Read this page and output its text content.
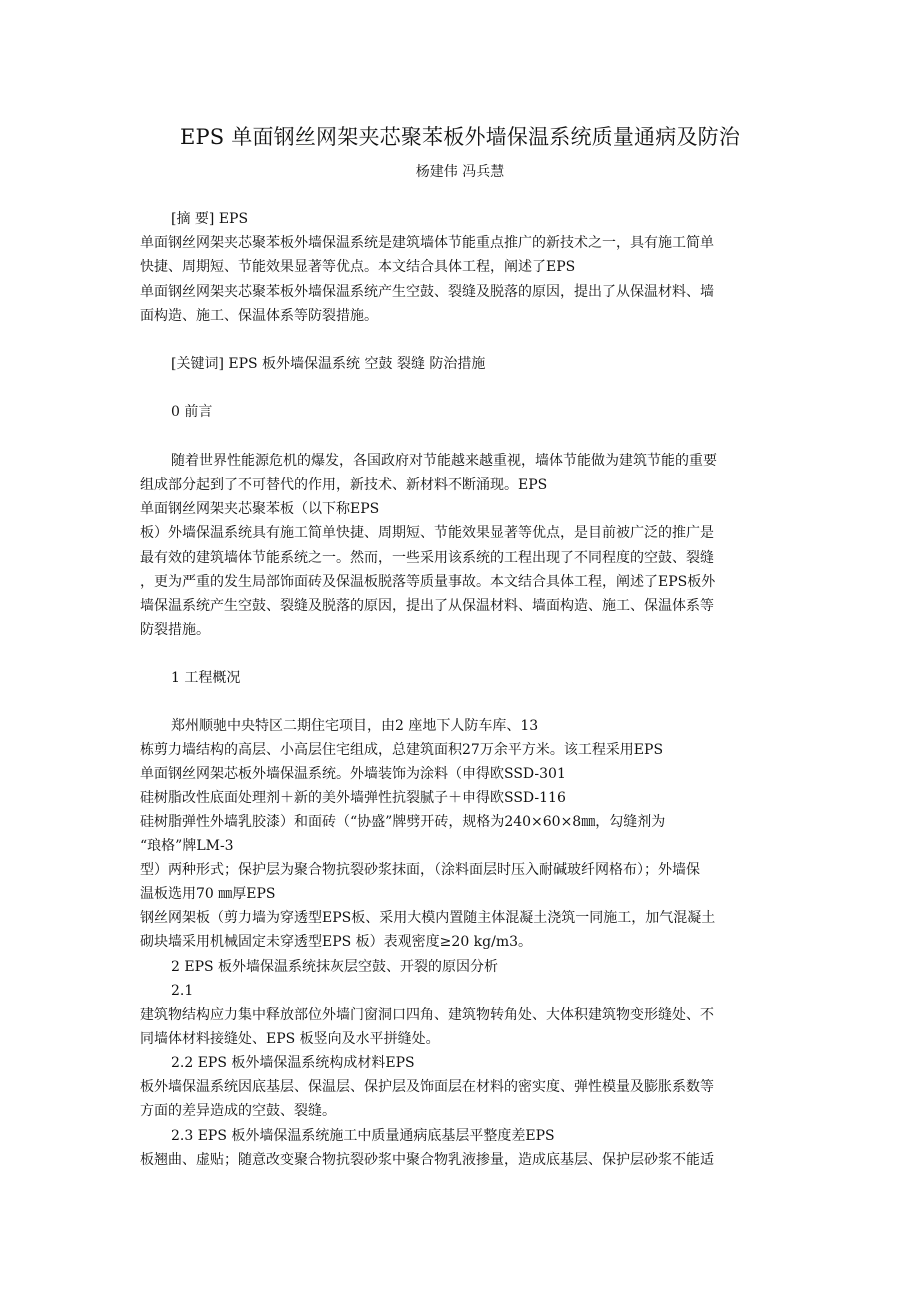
EPS 单面钢丝网架夹芯聚苯板外墙保温系统质量通病及防治
杨建伟 冯兵慧
[摘 要] EPS
单面钢丝网架夹芯聚苯板外墙保温系统是建筑墙体节能重点推广的新技术之一，具有施工简单
快捷、周期短、节能效果显著等优点。本文结合具体工程，阐述了EPS
单面钢丝网架夹芯聚苯板外墙保温系统产生空鼓、裂缝及脱落的原因，提出了从保温材料、墙
面构造、施工、保温体系等防裂措施。
[关键词] EPS 板外墙保温系统 空鼓 裂缝 防治措施
0 前言
随着世界性能源危机的爆发，各国政府对节能越来越重视，墙体节能做为建筑节能的重要
组成部分起到了不可替代的作用，新技术、新材料不断涌现。EPS
单面钢丝网架夹芯聚苯板（以下称EPS
板）外墙保温系统具有施工简单快捷、周期短、节能效果显著等优点，是目前被广泛的推广是
最有效的建筑墙体节能系统之一。然而，一些采用该系统的工程出现了不同程度的空鼓、裂缝
，更为严重的发生局部饰面砖及保温板脱落等质量事故。本文结合具体工程，阐述了EPS板外
墙保温系统产生空鼓、裂缝及脱落的原因，提出了从保温材料、墙面构造、施工、保温体系等
防裂措施。
1 工程概况
郑州顺驰中央特区二期住宅项目，由2 座地下人防车库、13
栋剪力墙结构的高层、小高层住宅组成，总建筑面积27万余平方米。该工程采用EPS
单面钢丝网架芯板外墙保温系统。外墙装饰为涂料（申得欧SSD-301
硅树脂改性底面处理剂＋新的美外墙弹性抗裂腻子＋申得欧SSD-116
硅树脂弹性外墙乳胶漆）和面砖（“协盛”牌劈开砖，规格为240×60×8㎜，勾缝剂为
“琅格”牌LM-3
型）两种形式；保护层为聚合物抗裂砂浆抹面，（涂料面层时压入耐碱玻纤网格布）；外墙保
温板选用70 ㎜厚EPS
钢丝网架板（剪力墙为穿透型EPS板、采用大模内置随主体混凝土浇筑一同施工，加气混凝土
砌块墙采用机械固定未穿透型EPS 板）表观密度≥20 kg/m3。
2 EPS 板外墙保温系统抹灰层空鼓、开裂的原因分析
2.1
建筑物结构应力集中释放部位外墙门窗洞口四角、建筑物转角处、大体积建筑物变形缝处、不
同墙体材料接缝处、EPS 板竖向及水平拼缝处。
2.2 EPS 板外墙保温系统构成材料EPS
板外墙保温系统因底基层、保温层、保护层及饰面层在材料的密实度、弹性模量及膨胀系数等
方面的差异造成的空鼓、裂缝。
2.3 EPS 板外墙保温系统施工中质量通病底基层平整度差EPS
板翘曲、虚贴；随意改变聚合物抗裂砂浆中聚合物乳液掺量，造成底基层、保护层砂浆不能适
